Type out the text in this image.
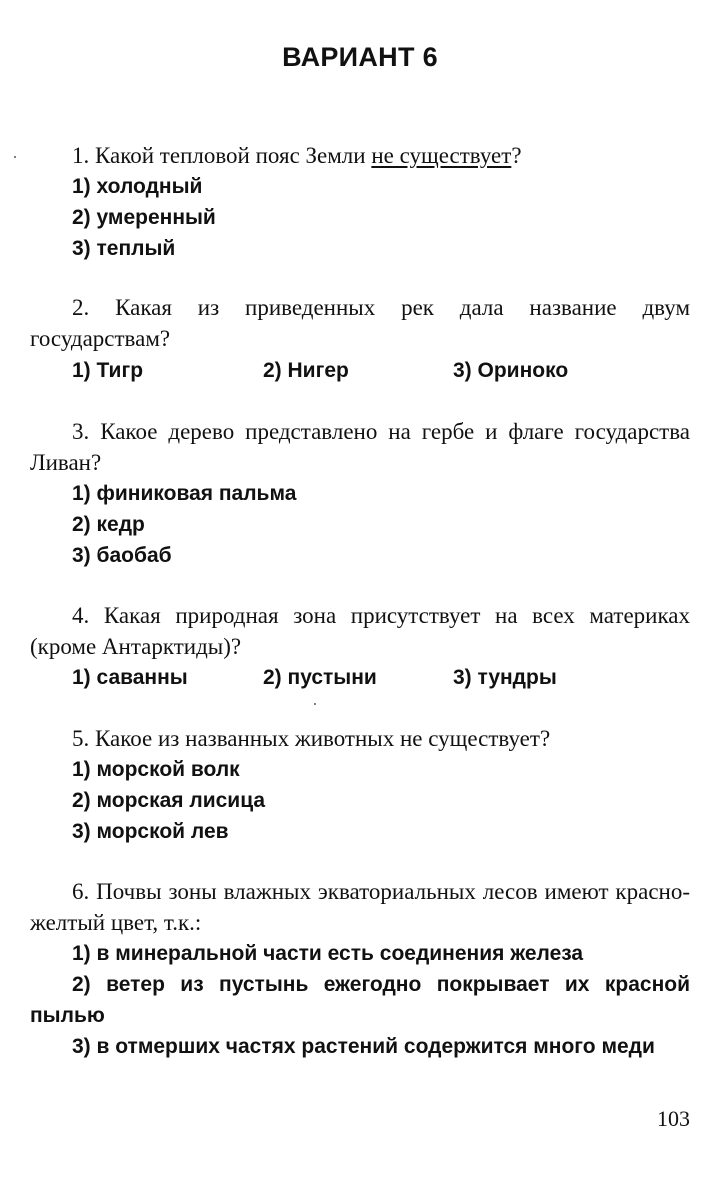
ВАРИАНТ 6
1. Какой тепловой пояс Земли не существует?
1) холодный
2) умеренный
3) теплый
2. Какая из приведенных рек дала название двум государствам?
1) Тигр	2) Нигер	3) Ориноко
3. Какое дерево представлено на гербе и флаге государства Ливан?
1) финиковая пальма
2) кедр
3) баобаб
4. Какая природная зона присутствует на всех материках (кроме Антарктиды)?
1) саванны	2) пустыни	3) тундры
5. Какое из названных животных не существует?
1) морской волк
2) морская лисица
3) морской лев
6. Почвы зоны влажных экваториальных лесов имеют красно-желтый цвет, т.к.:
1) в минеральной части есть соединения железа
2) ветер из пустынь ежегодно покрывает их красной пылью
3) в отмерших частях растений содержится много меди
103
